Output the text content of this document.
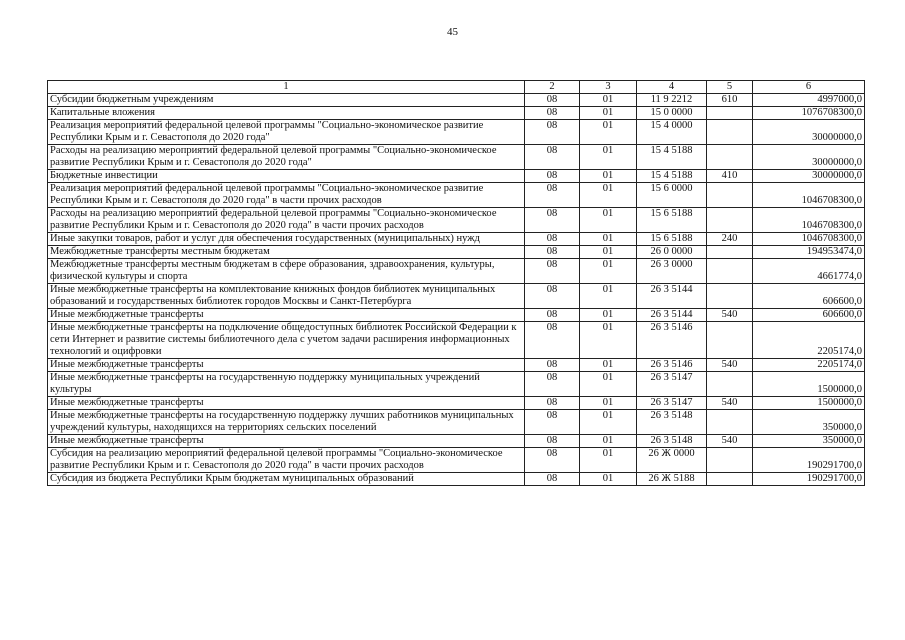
45
1	2	3	4	5	6
Субсидии бюджетным учреждениям	08	01	11 9 2212	610	4997000,0
Капитальные вложения	08	01	15 0 0000		1076708300,0
Реализация мероприятий федеральной целевой программы "Социально-экономическое развитие Республики Крым и г. Севастополя до 2020 года"	08	01	15 4 0000		30000000,0
Расходы на реализацию мероприятий федеральной целевой программы "Социально-экономическое развитие Республики Крым и г. Севастополя до 2020 года"	08	01	15 4 5188		30000000,0
Бюджетные инвестиции	08	01	15 4 5188	410	30000000,0
Реализация мероприятий федеральной целевой программы "Социально-экономическое развитие Республики Крым и г. Севастополя до 2020 года" в части прочих расходов	08	01	15 6 0000		1046708300,0
Расходы на реализацию мероприятий федеральной целевой программы "Социально-экономическое развитие Республики Крым и г. Севастополя до 2020 года" в части прочих расходов	08	01	15 6 5188		1046708300,0
Иные закупки товаров, работ и услуг для обеспечения государственных (муниципальных) нужд	08	01	15 6 5188	240	1046708300,0
Межбюджетные трансферты местным бюджетам	08	01	26 0 0000		194953474,0
Межбюджетные трансферты местным бюджетам в сфере образования, здравоохранения, культуры, физической культуры и спорта	08	01	26 3 0000		4661774,0
Иные межбюджетные трансферты на комплектование книжных фондов библиотек муниципальных образований и государственных библиотек городов Москвы и Санкт-Петербурга	08	01	26 3 5144		606600,0
Иные межбюджетные трансферты	08	01	26 3 5144	540	606600,0
Иные межбюджетные трансферты на подключение общедоступных библиотек Российской Федерации к сети Интернет и развитие системы библиотечного дела с учетом задачи расширения информационных технологий и оцифровки	08	01	26 3 5146		2205174,0
Иные межбюджетные трансферты	08	01	26 3 5146	540	2205174,0
Иные межбюджетные трансферты на государственную поддержку муниципальных учреждений культуры	08	01	26 3 5147		1500000,0
Иные межбюджетные трансферты	08	01	26 3 5147	540	1500000,0
Иные межбюджетные трансферты на государственную поддержку лучших работников муниципальных учреждений культуры, находящихся на территориях сельских поселений	08	01	26 3 5148		350000,0
Иные межбюджетные трансферты	08	01	26 3 5148	540	350000,0
Субсидия на реализацию мероприятий федеральной целевой программы "Социально-экономическое развитие Республики Крым и г. Севастополя до 2020 года" в части прочих расходов	08	01	26 Ж 0000		190291700,0
Субсидия из бюджета Республики Крым бюджетам муниципальных образований	08	01	26 Ж 5188		190291700,0
